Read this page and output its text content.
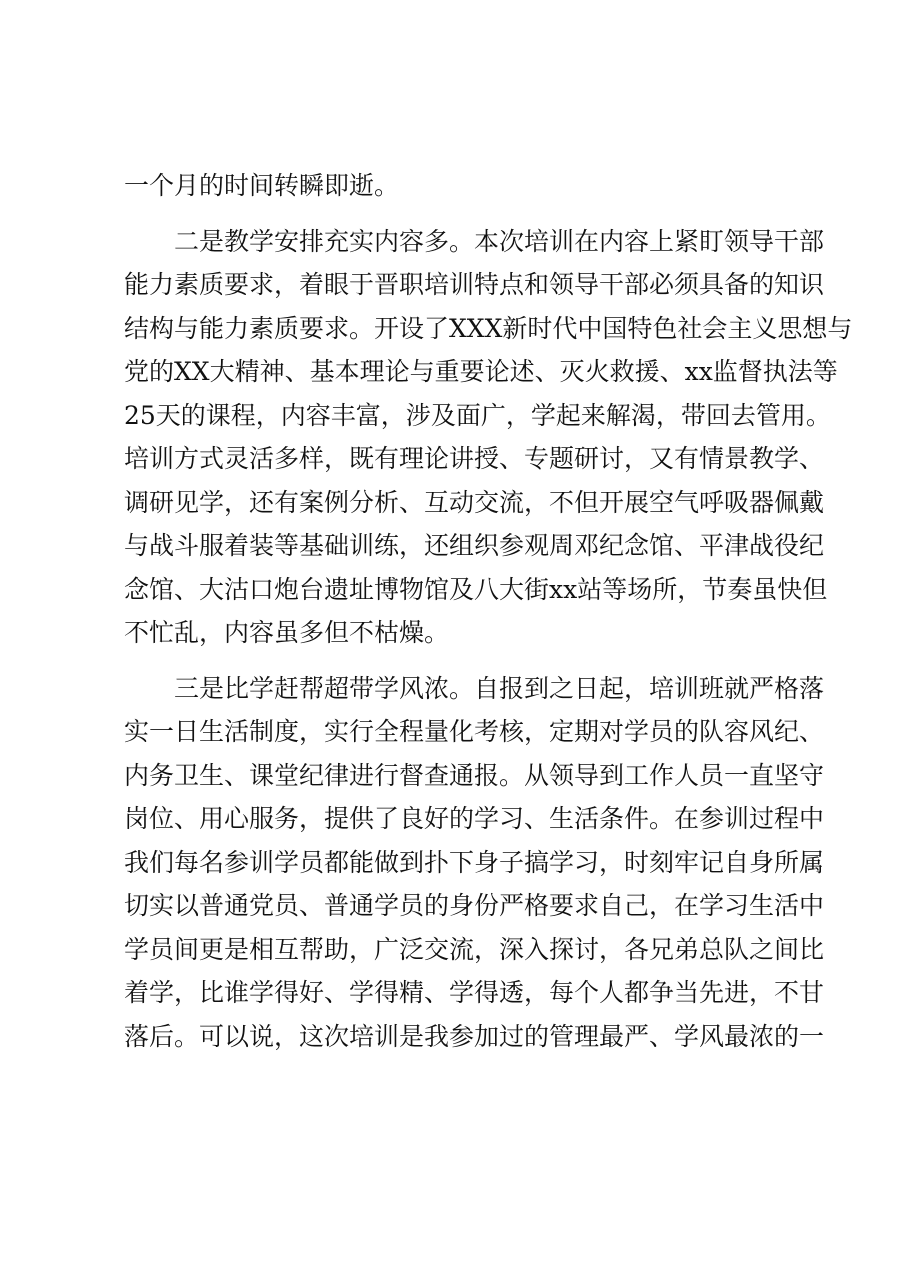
一个月的时间转瞬即逝。
　　二是教学安排充实内容多。本次培训在内容上紧盯领导干部
能力素质要求，着眼于晋职培训特点和领导干部必须具备的知识
结构与能力素质要求。开设了XXX新时代中国特色社会主义思想与
党的XX大精神、基本理论与重要论述、灭火救援、xx监督执法等
25天的课程，内容丰富，涉及面广，学起来解渴，带回去管用。
培训方式灵活多样，既有理论讲授、专题研讨，又有情景教学、
调研见学，还有案例分析、互动交流，不但开展空气呼吸器佩戴
与战斗服着装等基础训练，还组织参观周邓纪念馆、平津战役纪
念馆、大沽口炮台遗址博物馆及八大街xx站等场所，节奏虽快但
不忙乱，内容虽多但不枯燥。
　　三是比学赶帮超带学风浓。自报到之日起，培训班就严格落
实一日生活制度，实行全程量化考核，定期对学员的队容风纪、
内务卫生、课堂纪律进行督查通报。从领导到工作人员一直坚守
岗位、用心服务，提供了良好的学习、生活条件。在参训过程中
我们每名参训学员都能做到扑下身子搞学习，时刻牢记自身所属
切实以普通党员、普通学员的身份严格要求自己，在学习生活中
学员间更是相互帮助，广泛交流，深入探讨，各兄弟总队之间比
着学，比谁学得好、学得精、学得透，每个人都争当先进，不甘
落后。可以说，这次培训是我参加过的管理最严、学风最浓的一
